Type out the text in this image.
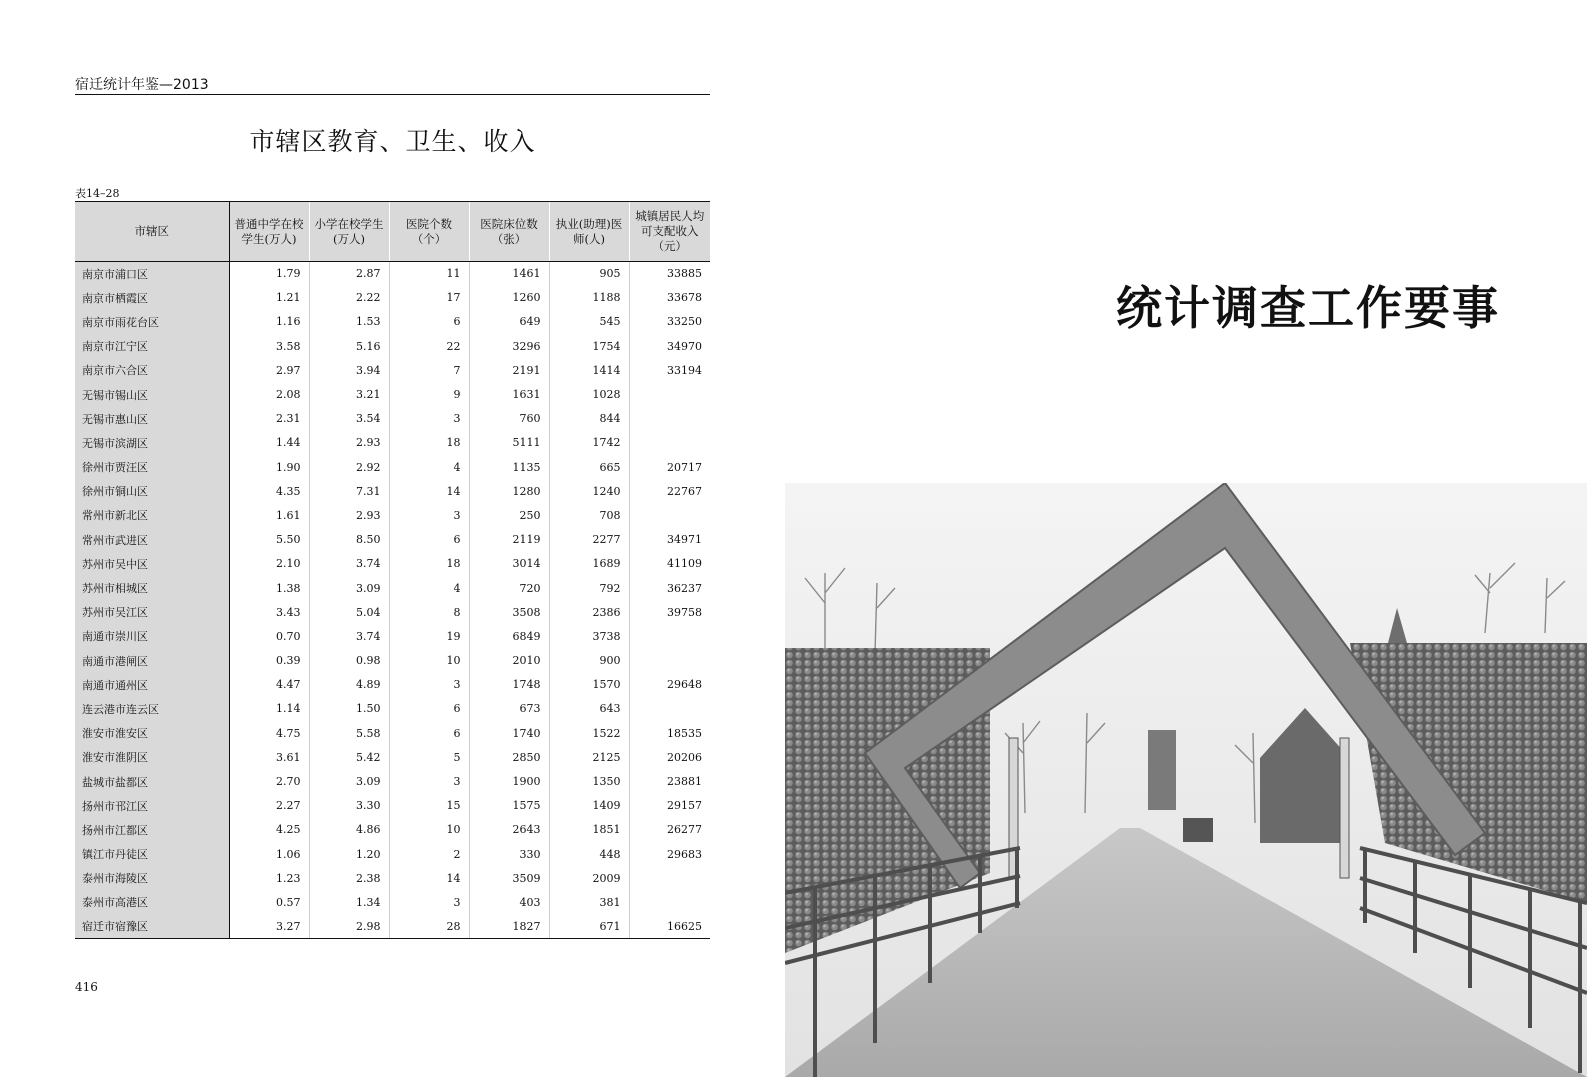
宿迁统计年鉴—2013
市辖区教育、卫生、收入
表14–28
市辖区	普通中学在校学生(万人)	小学在校学生(万人)	医院个数（个）	医院床位数（张）	执业(助理)医师(人)	城镇居民人均可支配收入（元）
南京市浦口区	1.79	2.87	11	1461	905	33885
南京市栖霞区	1.21	2.22	17	1260	1188	33678
南京市雨花台区	1.16	1.53	6	649	545	33250
南京市江宁区	3.58	5.16	22	3296	1754	34970
南京市六合区	2.97	3.94	7	2191	1414	33194
无锡市锡山区	2.08	3.21	9	1631	1028	
无锡市惠山区	2.31	3.54	3	760	844	
无锡市滨湖区	1.44	2.93	18	5111	1742	
徐州市贾汪区	1.90	2.92	4	1135	665	20717
徐州市铜山区	4.35	7.31	14	1280	1240	22767
常州市新北区	1.61	2.93	3	250	708	
常州市武进区	5.50	8.50	6	2119	2277	34971
苏州市吴中区	2.10	3.74	18	3014	1689	41109
苏州市相城区	1.38	3.09	4	720	792	36237
苏州市吴江区	3.43	5.04	8	3508	2386	39758
南通市崇川区	0.70	3.74	19	6849	3738	
南通市港闸区	0.39	0.98	10	2010	900	
南通市通州区	4.47	4.89	3	1748	1570	29648
连云港市连云区	1.14	1.50	6	673	643	
淮安市淮安区	4.75	5.58	6	1740	1522	18535
淮安市淮阴区	3.61	5.42	5	2850	2125	20206
盐城市盐都区	2.70	3.09	3	1900	1350	23881
扬州市邗江区	2.27	3.30	15	1575	1409	29157
扬州市江都区	4.25	4.86	10	2643	1851	26277
镇江市丹徒区	1.06	1.20	2	330	448	29683
泰州市海陵区	1.23	2.38	14	3509	2009	
泰州市高港区	0.57	1.34	3	403	381	
宿迁市宿豫区	3.27	2.98	28	1827	671	16625
416
统计调查工作要事
